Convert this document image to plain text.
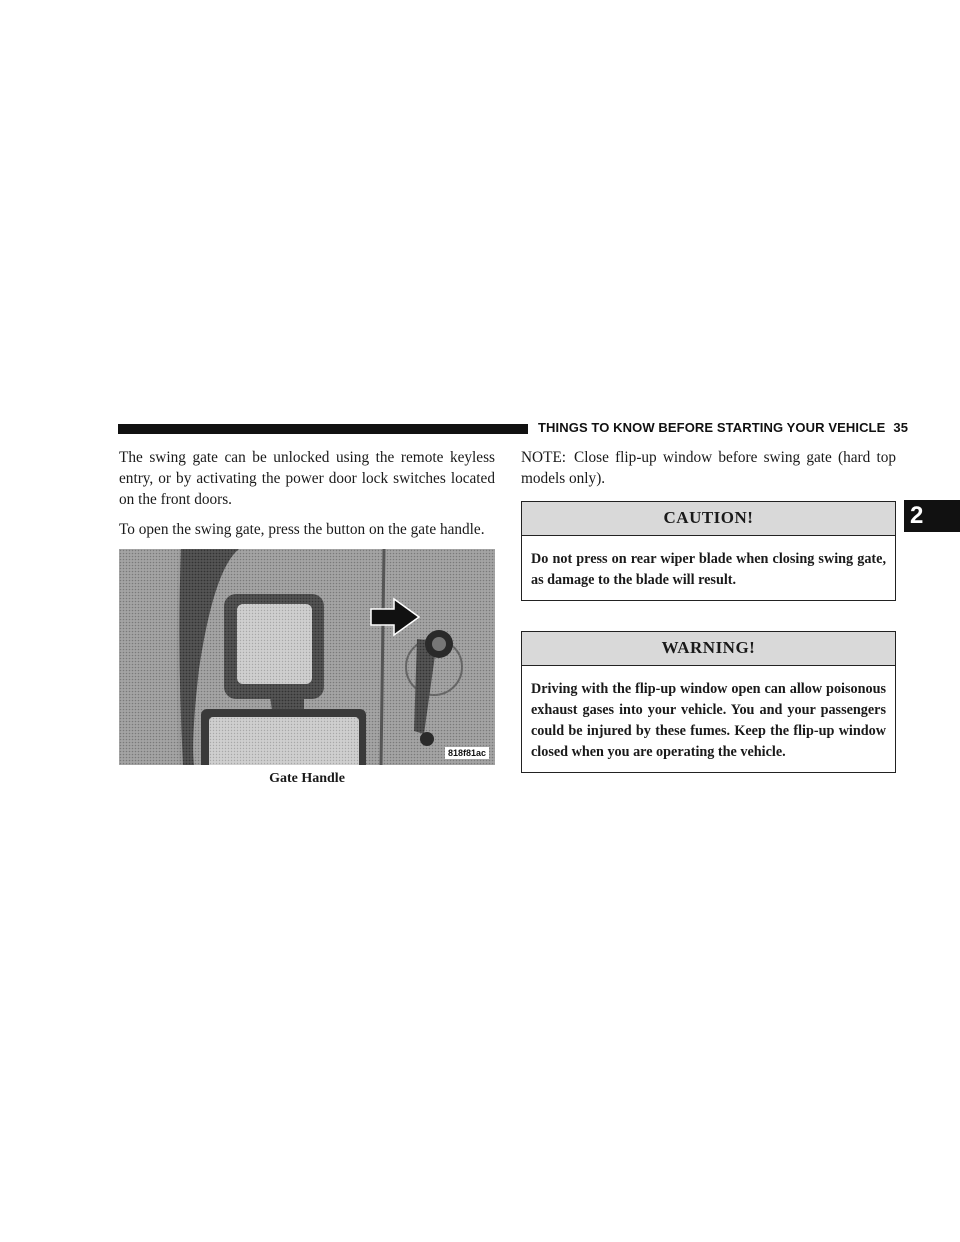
THINGS TO KNOW BEFORE STARTING YOUR VEHICLE 35
2

The swing gate can be unlocked using the remote keyless entry, or by activating the power door lock switches located on the front doors.

To open the swing gate, press the button on the gate handle.

818f81ac
Gate Handle

NOTE: Close flip-up window before swing gate (hard top models only).

CAUTION!
Do not press on rear wiper blade when closing swing gate, as damage to the blade will result.
WARNING!
Driving with the flip-up window open can allow poisonous exhaust gases into your vehicle. You and your passengers could be injured by these fumes. Keep the flip-up window closed when you are operating the vehicle.
